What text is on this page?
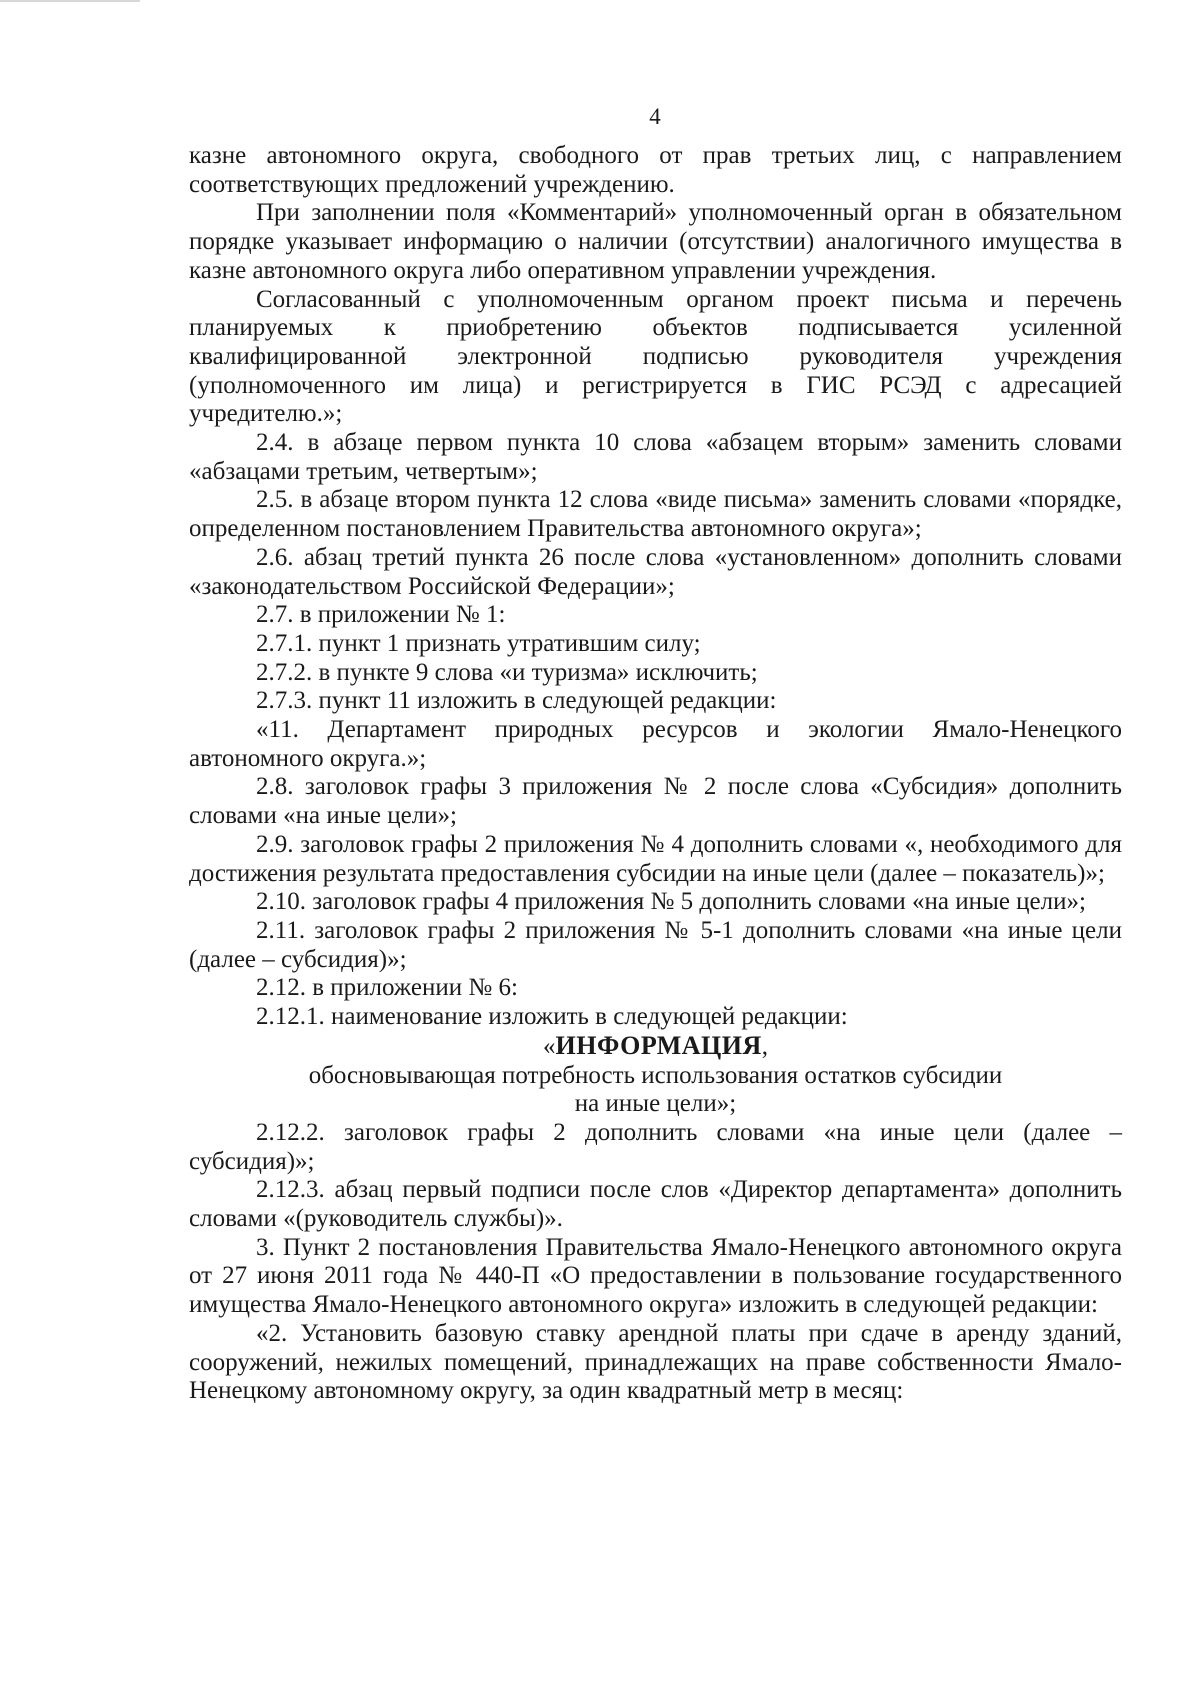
4

казне автономного округа, свободного от прав третьих лиц, с направлением соответствующих предложений учреждению.

При заполнении поля «Комментарий» уполномоченный орган в обязательном порядке указывает информацию о наличии (отсутствии) аналогичного имущества в казне автономного округа либо оперативном управлении учреждения.

Согласованный с уполномоченным органом проект письма и перечень планируемых к приобретению объектов подписывается усиленной квалифицированной электронной подписью руководителя учреждения (уполномоченного им лица) и регистрируется в ГИС РСЭД с адресацией учредителю.»;

2.4. в абзаце первом пункта 10 слова «абзацем вторым» заменить словами «абзацами третьим, четвертым»;

2.5. в абзаце втором пункта 12 слова «виде письма» заменить словами «порядке, определенном постановлением Правительства автономного округа»;

2.6. абзац третий пункта 26 после слова «установленном» дополнить словами «законодательством Российской Федерации»;

2.7. в приложении № 1:

2.7.1. пункт 1 признать утратившим силу;

2.7.2. в пункте 9 слова «и туризма» исключить;

2.7.3. пункт 11 изложить в следующей редакции:

«11. Департамент природных ресурсов и экологии Ямало-Ненецкого автономного округа.»;

2.8. заголовок графы 3 приложения № 2 после слова «Субсидия» дополнить словами «на иные цели»;

2.9. заголовок графы 2 приложения № 4 дополнить словами «, необходимого для достижения результата предоставления субсидии на иные цели (далее – показатель)»;

2.10. заголовок графы 4 приложения № 5 дополнить словами «на иные цели»;

2.11. заголовок графы 2 приложения № 5-1 дополнить словами «на иные цели (далее – субсидия)»;

2.12. в приложении № 6:

2.12.1. наименование изложить в следующей редакции:

«ИНФОРМАЦИЯ,

обосновывающая потребность использования остатков субсидии

на иные цели»;

2.12.2. заголовок графы 2 дополнить словами «на иные цели (далее – субсидия)»;

2.12.3. абзац первый подписи после слов «Директор департамента» дополнить словами «(руководитель службы)».

3. Пункт 2 постановления Правительства Ямало-Ненецкого автономного округа от 27 июня 2011 года № 440-П «О предоставлении в пользование государственного имущества Ямало-Ненецкого автономного округа» изложить в следующей редакции:

«2. Установить базовую ставку арендной платы при сдаче в аренду зданий, сооружений, нежилых помещений, принадлежащих на праве собственности Ямало-Ненецкому автономному округу, за один квадратный метр в месяц:
